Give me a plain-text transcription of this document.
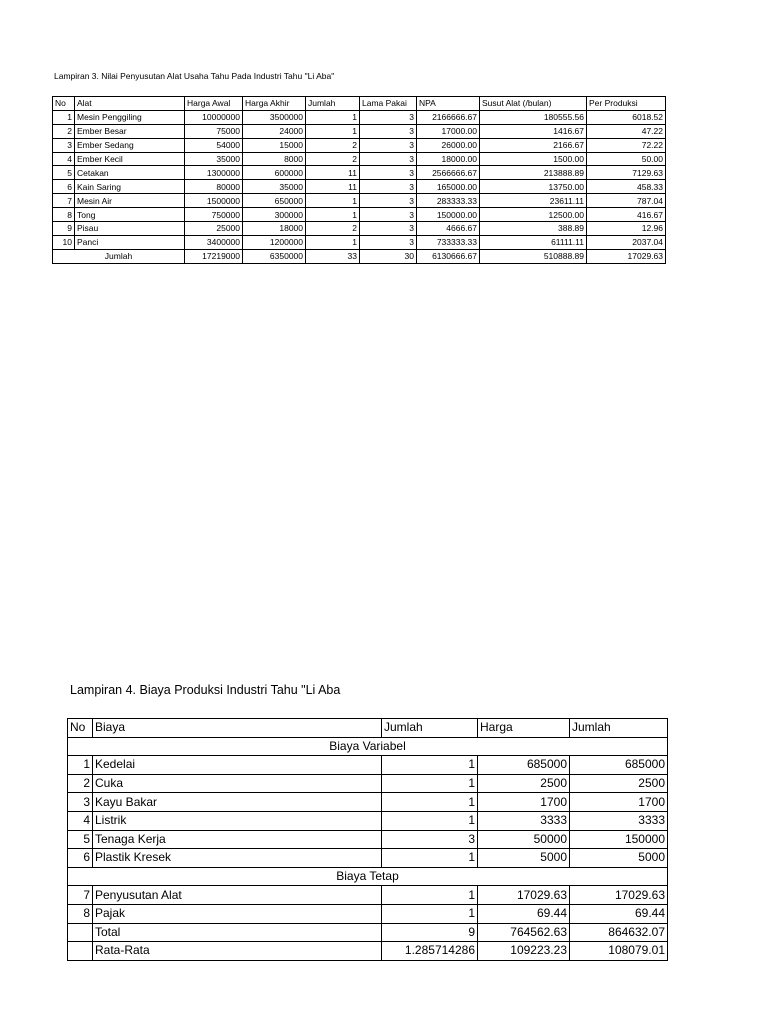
Lampiran 3. Nilai Penyusutan Alat Usaha Tahu Pada Industri Tahu "Li Aba"
No	Alat	Harga Awal	Harga Akhir	Jumlah	Lama Pakai	NPA	Susut Alat (/bulan)	Per Produksi
1	Mesin Penggiling	10000000	3500000	1	3	2166666.67	180555.56	6018.52
2	Ember Besar	75000	24000	1	3	17000.00	1416.67	47.22
3	Ember Sedang	54000	15000	2	3	26000.00	2166.67	72.22
4	Ember Kecil	35000	8000	2	3	18000.00	1500.00	50.00
5	Cetakan	1300000	600000	11	3	2566666.67	213888.89	7129.63
6	Kain Saring	80000	35000	11	3	165000.00	13750.00	458.33
7	Mesin Air	1500000	650000	1	3	283333.33	23611.11	787.04
8	Tong	750000	300000	1	3	150000.00	12500.00	416.67
9	Pisau	25000	18000	2	3	4666.67	388.89	12.96
10	Panci	3400000	1200000	1	3	733333.33	61111.11	2037.04
Jumlah		17219000	6350000	33	30	6130666.67	510888.89	17029.63
Lampiran 4. Biaya Produksi Industri Tahu "Li Aba
No	Biaya	Jumlah	Harga	Jumlah
Biaya Variabel				
1	Kedelai	1	685000	685000
2	Cuka	1	2500	2500
3	Kayu Bakar	1	1700	1700
4	Listrik	1	3333	3333
5	Tenaga Kerja	3	50000	150000
6	Plastik Kresek	1	5000	5000
Biaya Tetap				
7	Penyusutan Alat	1	17029.63	17029.63
8	Pajak	1	69.44	69.44
	Total	9	764562.63	864632.07
	Rata-Rata	1.285714286	109223.23	108079.01
